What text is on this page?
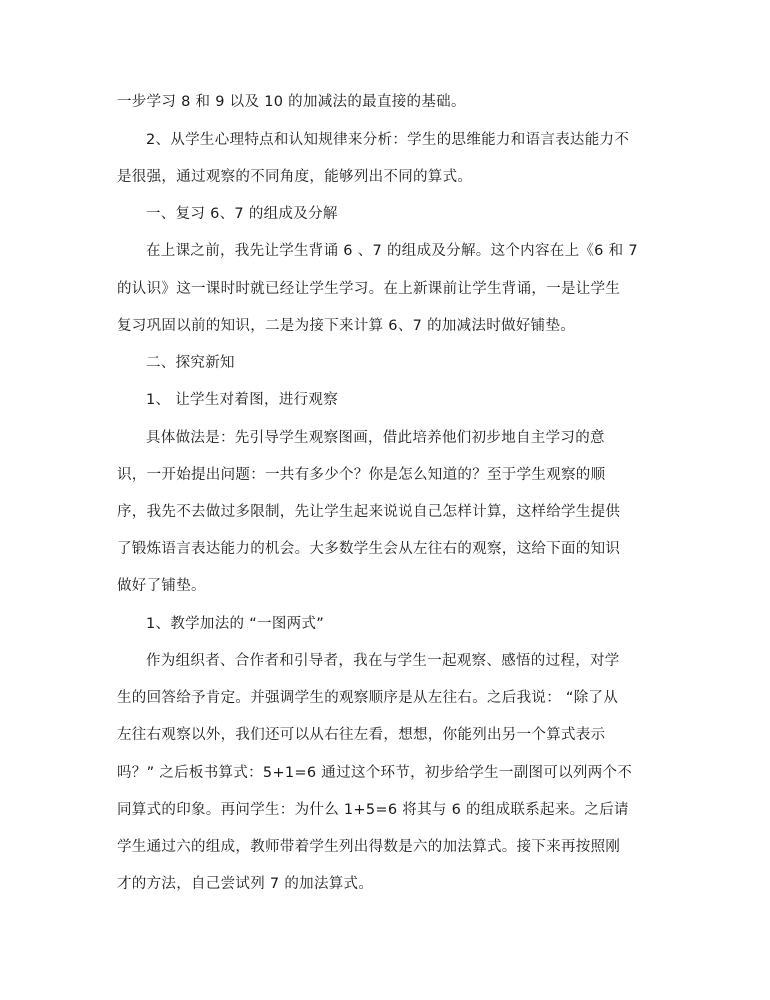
一步学习 8 和 9 以及 10 的加减法的最直接的基础。
2、从学生心理特点和认知规律来分析：学生的思维能力和语言表达能力不
是很强，通过观察的不同角度，能够列出不同的算式。
一、复习 6、7 的组成及分解
在上课之前，我先让学生背诵 6 、7 的组成及分解。这个内容在上《6 和 7
的认识》这一课时时就已经让学生学习。在上新课前让学生背诵，一是让学生
复习巩固以前的知识，二是为接下来计算 6、7 的加减法时做好铺垫。
二、探究新知
1、 让学生对着图，进行观察
具体做法是：先引导学生观察图画，借此培养他们初步地自主学习的意
识，一开始提出问题：一共有多少个？你是怎么知道的？至于学生观察的顺
序，我先不去做过多限制，先让学生起来说说自己怎样计算，这样给学生提供
了锻炼语言表达能力的机会。大多数学生会从左往右的观察，这给下面的知识
做好了铺垫。
1、教学加法的 “一图两式”
作为组织者、合作者和引导者，我在与学生一起观察、感悟的过程，对学
生的回答给予肯定。并强调学生的观察顺序是从左往右。之后我说： “除了从
左往右观察以外，我们还可以从右往左看，想想，你能列出另一个算式表示
吗？” 之后板书算式：5+1=6 通过这个环节，初步给学生一副图可以列两个不
同算式的印象。再问学生：为什么 1+5=6 将其与 6 的组成联系起来。之后请
学生通过六的组成，教师带着学生列出得数是六的加法算式。接下来再按照刚
才的方法，自己尝试列 7 的加法算式。
